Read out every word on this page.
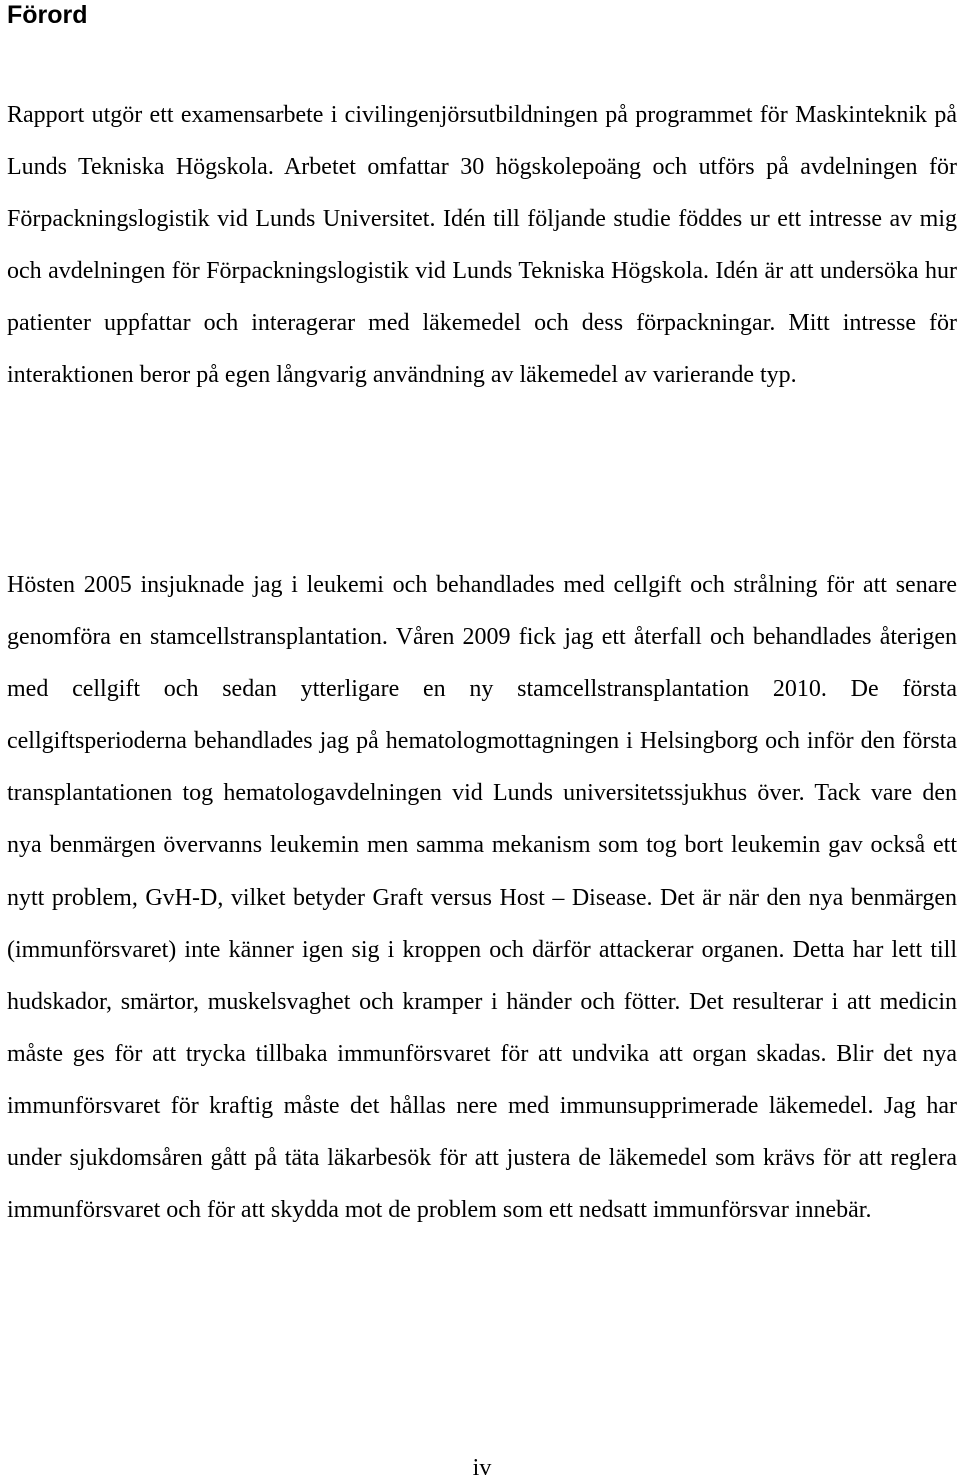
Förord

Rapport utgör ett examensarbete i civilingenjörsutbildningen på programmet för Maskinteknik på Lunds Tekniska Högskola. Arbetet omfattar 30 högskolepoäng och utförs på avdelningen för Förpackningslogistik vid Lunds Universitet. Idén till följande studie föddes ur ett intresse av mig och avdelningen för Förpackningslogistik vid Lunds Tekniska Högskola. Idén är att undersöka hur patienter uppfattar och interagerar med läkemedel och dess förpackningar. Mitt intresse för interaktionen beror på egen långvarig användning av läkemedel av varierande typ.

Hösten 2005 insjuknade jag i leukemi och behandlades med cellgift och strålning för att senare genomföra en stamcellstransplantation. Våren 2009 fick jag ett återfall och behandlades återigen med cellgift och sedan ytterligare en ny stamcellstransplantation 2010. De första cellgiftsperioderna behandlades jag på hematologmottagningen i Helsingborg och inför den första transplantationen tog hematologavdelningen vid Lunds universitetssjukhus över. Tack vare den nya benmärgen övervanns leukemin men samma mekanism som tog bort leukemin gav också ett nytt problem, GvH-D, vilket betyder Graft versus Host – Disease. Det är när den nya benmärgen (immunförsvaret) inte känner igen sig i kroppen och därför attackerar organen. Detta har lett till hudskador, smärtor, muskelsvaghet och kramper i händer och fötter. Det resulterar i att medicin måste ges för att trycka tillbaka immunförsvaret för att undvika att organ skadas. Blir det nya immunförsvaret för kraftig måste det hållas nere med immunsupprimerade läkemedel. Jag har under sjukdomsåren gått på täta läkarbesök för att justera de läkemedel som krävs för att reglera immunförsvaret och för att skydda mot de problem som ett nedsatt immunförsvar innebär.

iv
